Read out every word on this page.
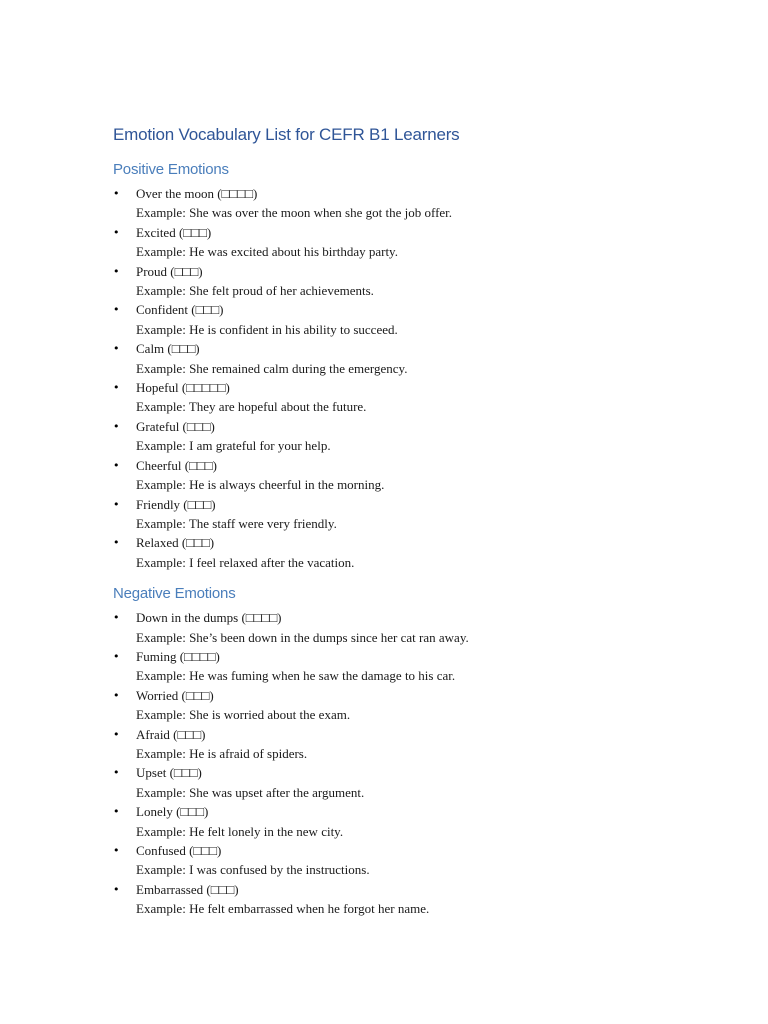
Emotion Vocabulary List for CEFR B1 Learners
Positive Emotions
• Over the moon (□□□□)
Example: She was over the moon when she got the job offer.
• Excited (□□□)
Example: He was excited about his birthday party.
• Proud (□□□)
Example: She felt proud of her achievements.
• Confident (□□□)
Example: He is confident in his ability to succeed.
• Calm (□□□)
Example: She remained calm during the emergency.
• Hopeful (□□□□□)
Example: They are hopeful about the future.
• Grateful (□□□)
Example: I am grateful for your help.
• Cheerful (□□□)
Example: He is always cheerful in the morning.
• Friendly (□□□)
Example: The staff were very friendly.
• Relaxed (□□□)
Example: I feel relaxed after the vacation.
Negative Emotions
• Down in the dumps (□□□□)
Example: She’s been down in the dumps since her cat ran away.
• Fuming (□□□□)
Example: He was fuming when he saw the damage to his car.
• Worried (□□□)
Example: She is worried about the exam.
• Afraid (□□□)
Example: He is afraid of spiders.
• Upset (□□□)
Example: She was upset after the argument.
• Lonely (□□□)
Example: He felt lonely in the new city.
• Confused (□□□)
Example: I was confused by the instructions.
• Embarrassed (□□□)
Example: He felt embarrassed when he forgot her name.
